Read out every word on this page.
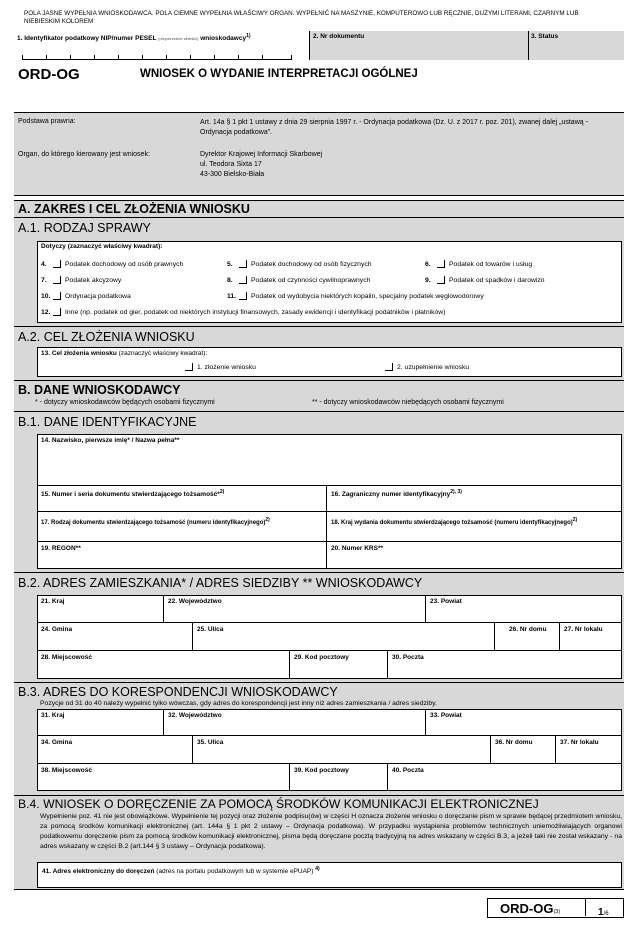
POLA JASNE WYPEŁNIA WNIOSKODAWCA. POLA CIEMNE WYPEŁNIA WŁAŚCIWY ORGAN. WYPEŁNIĆ NA MASZYNIE, KOMPUTEROWO LUB RĘCZNIE, DUŻYMI LITERAMI, CZARNYM LUB NIEBIESKIM KOLOREM
1. Identyfikator podatkowy NIP/numer PESEL (niepotrzebne skreślić) wnioskodawcy$^{1)}$	2. Nr dokumentu	3. Status
ORD-OG	WNIOSEK O WYDANIE INTERPRETACJI OGÓLNEJ
Podstawa prawna:	Art. 14a § 1 pkt 1 ustawy z dnia 29 sierpnia 1997 r. - Ordynacja podatkowa (Dz. U. z 2017 r. poz. 201), zwanej dalej „ustawą - Ordynacja podatkowa”.
Organ, do którego kierowany jest wniosek:	Dyrektor Krajowej Informacji Skarbowej
ul. Teodora Sixta 17
43-300 Bielsko-Biała
A. ZAKRES I CEL ZŁOŻENIA WNIOSKU
A.1. RODZAJ SPRAWY
Dotyczy (zaznaczyć właściwy kwadrat):
4.	Podatek dochodowy od osób prawnych	5.	Podatek dochodowy od osób fizycznych	6.	Podatek od towarów i usług
7.	Podatek akcyzowy	8.	Podatek od czynności cywilnoprawnych	9.	Podatek od spadków i darowizn
10. Ordynacja podatkowa	11. Podatek od wydobycia niektórych kopalin, specjalny podatek węglowodorowy
12. Inne (np. podatek od gier, podatek od niektórych instytucji finansowych, zasady ewidencji i identyfikacji podatników i płatników)
A.2. CEL ZŁOŻENIA WNIOSKU
13. Cel złożenia wniosku (zaznaczyć właściwy kwadrat):
1. złożenie wniosku	2. uzupełnienie wniosku
B. DANE WNIOSKODAWCY
* - dotyczy wnioskodawców będących osobami fizycznymi	** - dotyczy wnioskodawców niebędących osobami fizycznymi
B.1. DANE IDENTYFIKACYJNE
14. Nazwisko, pierwsze imię* / Nazwa pełna**
15. Numer i seria dokumentu stwierdzającego tożsamość*$^{2)}$	16. Zagraniczny numer identyfikacyjny$^{2), 3)}$
17. Rodzaj dokumentu stwierdzającego tożsamość (numeru identyfikacyjnego)$^{2)}$	18. Kraj wydania dokumentu stwierdzającego tożsamość (numeru identyfikacyjnego)$^{2)}$
19. REGON**	20. Numer KRS**
B.2. ADRES ZAMIESZKANIA* / ADRES SIEDZIBY ** WNIOSKODAWCY
21. Kraj	22. Województwo	23. Powiat
24. Gmina	25. Ulica	26. Nr domu	27. Nr lokalu
28. Miejscowość	29. Kod pocztowy	30. Poczta
B.3. ADRES DO KORESPONDENCJI WNIOSKODAWCY
Pozycje od 31 do 40 należy wypełnić tylko wówczas, gdy adres do korespondencji jest inny niż adres zamieszkania / adres siedziby.
31. Kraj	32. Województwo	33. Powiat
34. Gmina	35. Ulica	36. Nr domu	37. Nr lokalu
38. Miejscowość	39. Kod pocztowy	40. Poczta
B.4. WNIOSEK O DORĘCZENIE ZA POMOCĄ ŚRODKÓW KOMUNIKACJI ELEKTRONICZNEJ
Wypełnienie poz. 41 nie jest obowiązkowe. Wypełnienie tej pozycji oraz złożenie podpisu(ów) w części H oznacza złożenie wniosku o doręczanie pism w sprawie będącej przedmiotem wniosku, za pomocą środków komunikacji elektronicznej (art. 144a § 1 pkt 2 ustawy – Ordynacja podatkowa). W przypadku wystąpienia problemów technicznych uniemożliwiających organowi podatkowemu doręczenie pism za pomocą środków komunikacji elektronicznej, pisma będą doręczane pocztą tradycyjną na adres wskazany w części B.3, a jeżeli taki nie został wskazany - na adres wskazany w części B.2 (art.144 § 3 ustawy – Ordynacja podatkowa).
41. Adres elektroniczny do doręczeń (adres na portalu podatkowym lub w systemie ePUAP) $^{4)}$
ORD-OG(3)	1/6
